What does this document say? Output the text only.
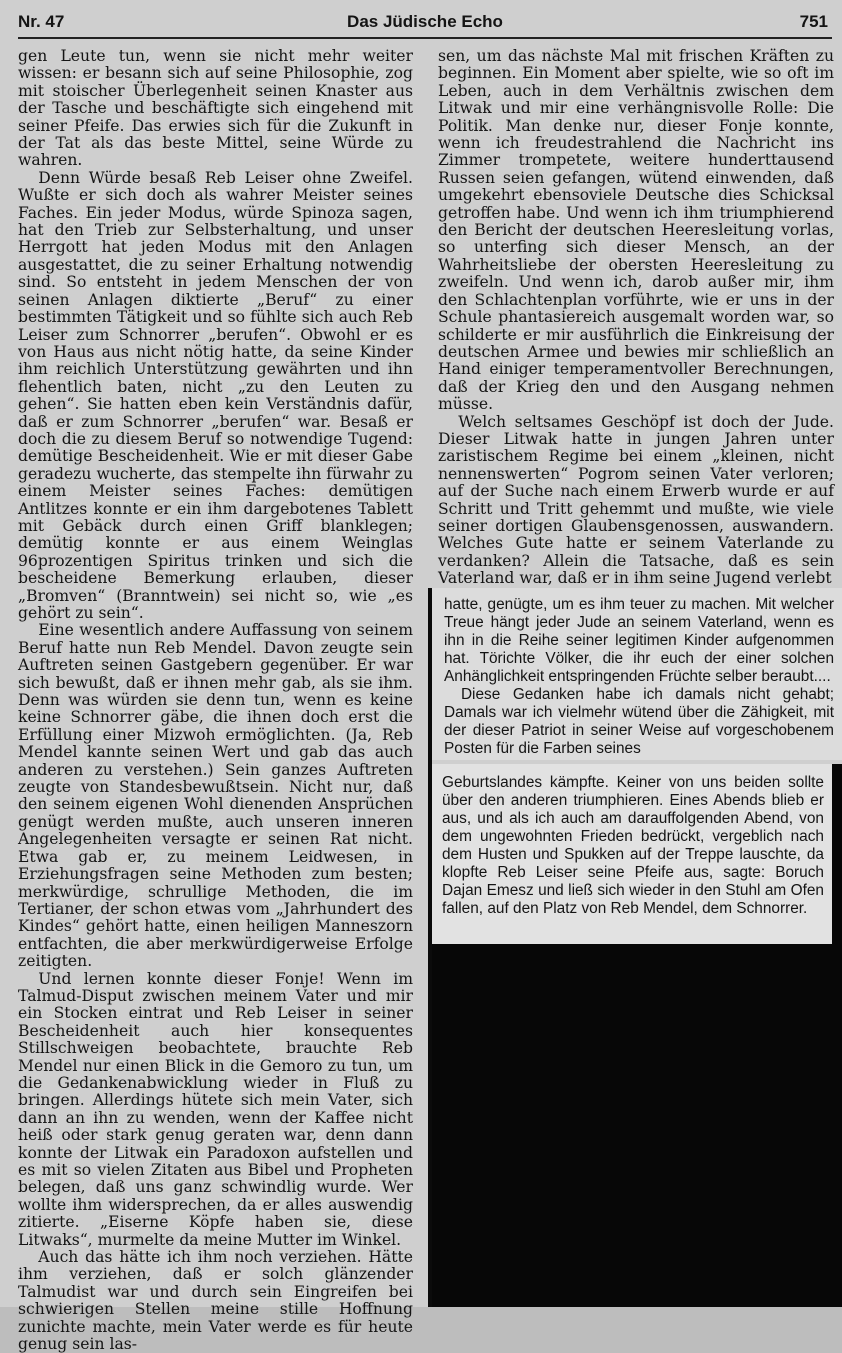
Nr. 47	Das Jüdische Echo	751

gen Leute tun, wenn sie nicht mehr weiter wissen: er besann sich auf seine Philosophie, zog mit stoischer Überlegenheit seinen Knaster aus der Tasche und beschäftigte sich eingehend mit seiner Pfeife. Das erwies sich für die Zukunft in der Tat als das beste Mittel, seine Würde zu wahren.

Denn Würde besaß Reb Leiser ohne Zweifel. Wußte er sich doch als wahrer Meister seines Faches. Ein jeder Modus, würde Spinoza sagen, hat den Trieb zur Selbsterhaltung, und unser Herrgott hat jeden Modus mit den Anlagen ausgestattet, die zu seiner Erhaltung notwendig sind. So entsteht in jedem Menschen der von seinen Anlagen diktierte „Beruf“ zu einer bestimmten Tätigkeit und so fühlte sich auch Reb Leiser zum Schnorrer „berufen“. Obwohl er es von Haus aus nicht nötig hatte, da seine Kinder ihm reichlich Unterstützung gewährten und ihn flehentlich baten, nicht „zu den Leuten zu gehen“. Sie hatten eben kein Verständnis dafür, daß er zum Schnorrer „berufen“ war. Besaß er doch die zu diesem Beruf so notwendige Tugend: demütige Bescheidenheit. Wie er mit dieser Gabe geradezu wucherte, das stempelte ihn fürwahr zu einem Meister seines Faches: demütigen Antlitzes konnte er ein ihm dargebotenes Tablett mit Gebäck durch einen Griff blanklegen; demütig konnte er aus einem Weinglas 96prozentigen Spiritus trinken und sich die bescheidene Bemerkung erlauben, dieser „Bromven“ (Branntwein) sei nicht so, wie „es gehört zu sein“.

Eine wesentlich andere Auffassung von seinem Beruf hatte nun Reb Mendel. Davon zeugte sein Auftreten seinen Gastgebern gegenüber. Er war sich bewußt, daß er ihnen mehr gab, als sie ihm. Denn was würden sie denn tun, wenn es keine keine Schnorrer gäbe, die ihnen doch erst die Erfüllung einer Mizwoh ermöglichten. (Ja, Reb Mendel kannte seinen Wert und gab das auch anderen zu verstehen.) Sein ganzes Auftreten zeugte von Standesbewußtsein. Nicht nur, daß den seinem eigenen Wohl dienenden Ansprüchen genügt werden mußte, auch unseren inneren Angelegenheiten versagte er seinen Rat nicht. Etwa gab er, zu meinem Leidwesen, in Erziehungsfragen seine Methoden zum besten; merkwürdige, schrullige Methoden, die im Tertianer, der schon etwas vom „Jahrhundert des Kindes“ gehört hatte, einen heiligen Manneszorn entfachten, die aber merkwürdigerweise Erfolge zeitigten.

Und lernen konnte dieser Fonje! Wenn im Talmud-Disput zwischen meinem Vater und mir ein Stocken eintrat und Reb Leiser in seiner Bescheidenheit auch hier konsequentes Stillschweigen beobachtete, brauchte Reb Mendel nur einen Blick in die Gemoro zu tun, um die Gedankenabwicklung wieder in Fluß zu bringen. Allerdings hütete sich mein Vater, sich dann an ihn zu wenden, wenn der Kaffee nicht heiß oder stark genug geraten war, denn dann konnte der Litwak ein Paradoxon aufstellen und es mit so vielen Zitaten aus Bibel und Propheten belegen, daß uns ganz schwindlig wurde. Wer wollte ihm widersprechen, da er alles auswendig zitierte. „Eiserne Köpfe haben sie, diese Litwaks“, murmelte da meine Mutter im Winkel.

Auch das hätte ich ihm noch verziehen. Hätte ihm verziehen, daß er solch glänzender Talmudist war und durch sein Eingreifen bei schwierigen Stellen meine stille Hoffnung zunichte machte, mein Vater werde es für heute genug sein las-

sen, um das nächste Mal mit frischen Kräften zu beginnen. Ein Moment aber spielte, wie so oft im Leben, auch in dem Verhältnis zwischen dem Litwak und mir eine verhängnisvolle Rolle: Die Politik. Man denke nur, dieser Fonje konnte, wenn ich freudestrahlend die Nachricht ins Zimmer trompetete, weitere hunderttausend Russen seien gefangen, wütend einwenden, daß umgekehrt ebensoviele Deutsche dies Schicksal getroffen habe. Und wenn ich ihm triumphierend den Bericht der deutschen Heeresleitung vorlas, so unterfing sich dieser Mensch, an der Wahrheitsliebe der obersten Heeresleitung zu zweifeln. Und wenn ich, darob außer mir, ihm den Schlachtenplan vorführte, wie er uns in der Schule phantasiereich ausgemalt worden war, so schilderte er mir ausführlich die Einkreisung der deutschen Armee und bewies mir schließlich an Hand einiger temperamentvoller Berechnungen, daß der Krieg den und den Ausgang nehmen müsse.

Welch seltsames Geschöpf ist doch der Jude. Dieser Litwak hatte in jungen Jahren unter zaristischem Regime bei einem „kleinen, nicht nennenswerten“ Pogrom seinen Vater verloren; auf der Suche nach einem Erwerb wurde er auf Schritt und Tritt gehemmt und mußte, wie viele seiner dortigen Glaubensgenossen, auswandern. Welches Gute hatte er seinem Vaterlande zu verdanken? Allein die Tatsache, daß es sein Vaterland war, daß er in ihm seine Jugend verlebt

hatte, genügte, um es ihm teuer zu machen. Mit welcher Treue hängt jeder Jude an seinem Vaterland, wenn es ihn in die Reihe seiner legitimen Kinder aufgenommen hat. Törichte Völker, die ihr euch der einer solchen Anhänglichkeit entspringenden Früchte selber beraubt....

Diese Gedanken habe ich damals nicht gehabt; Damals war ich vielmehr wütend über die Zähigkeit, mit der dieser Patriot in seiner Weise auf vorgeschobenem Posten für die Farben seines

Geburtslandes kämpfte. Keiner von uns beiden sollte über den anderen triumphieren. Eines Abends blieb er aus, und als ich auch am darauffolgenden Abend, von dem ungewohnten Frieden bedrückt, vergeblich nach dem Husten und Spukken auf der Treppe lauschte, da klopfte Reb Leiser seine Pfeife aus, sagte: Boruch Dajan Emesz und ließ sich wieder in den Stuhl am Ofen fallen, auf den Platz von Reb Mendel, dem Schnorrer.
